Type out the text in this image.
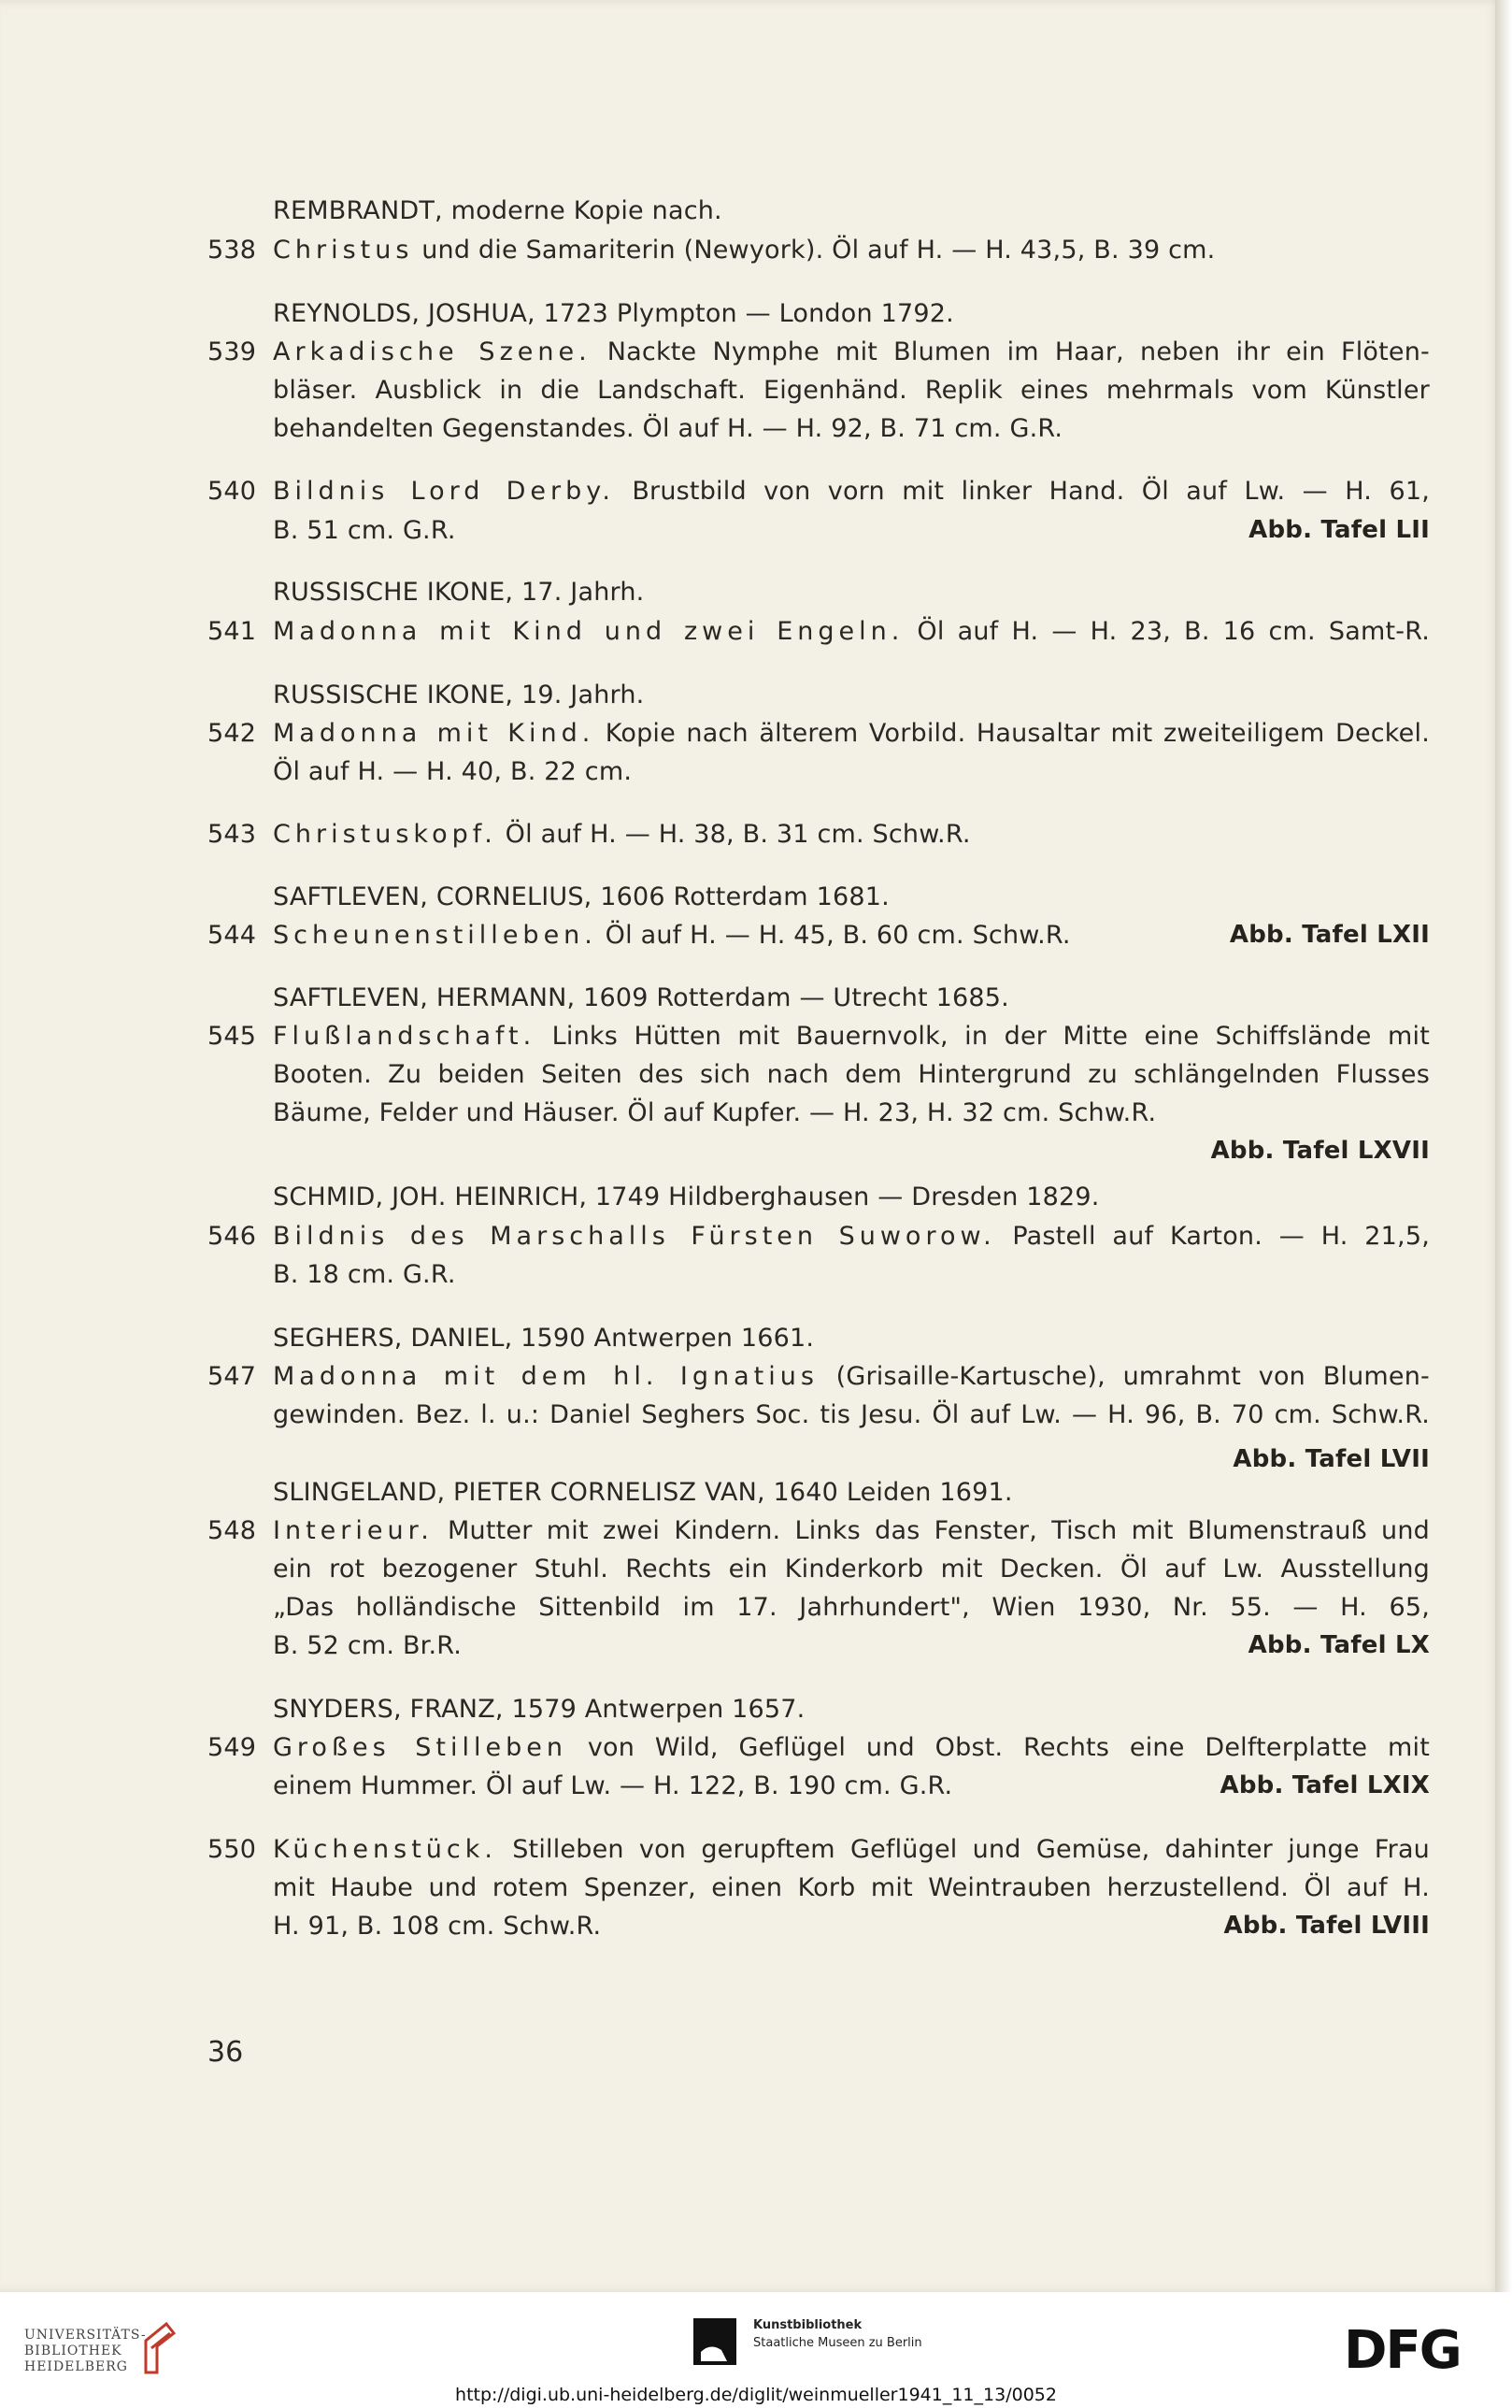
REMBRANDT, moderne Kopie nach.
538 Christus und die Samariterin (Newyork). Öl auf H. — H. 43,5, B. 39 cm.
REYNOLDS, JOSHUA, 1723 Plympton — London 1792.
539 Arkadische Szene. Nackte Nymphe mit Blumen im Haar, neben ihr ein Flöten-
bläser. Ausblick in die Landschaft. Eigenhänd. Replik eines mehrmals vom Künstler
behandelten Gegenstandes. Öl auf H. — H. 92, B. 71 cm. G.R.
540 Bildnis Lord Derby. Brustbild von vorn mit linker Hand. Öl auf Lw. — H. 61,
B. 51 cm. G.R.	Abb. Tafel LII
RUSSISCHE IKONE, 17. Jahrh.
541 Madonna mit Kind und zwei Engeln. Öl auf H. — H. 23, B. 16 cm. Samt-R.
RUSSISCHE IKONE, 19. Jahrh.
542 Madonna mit Kind. Kopie nach älterem Vorbild. Hausaltar mit zweiteiligem Deckel.
Öl auf H. — H. 40, B. 22 cm.
543 Christuskopf. Öl auf H. — H. 38, B. 31 cm. Schw.R.
SAFTLEVEN, CORNELIUS, 1606 Rotterdam 1681.
544 Scheunenstilleben. Öl auf H. — H. 45, B. 60 cm. Schw.R.	Abb. Tafel LXII
SAFTLEVEN, HERMANN, 1609 Rotterdam — Utrecht 1685.
545 Flußlandschaft. Links Hütten mit Bauernvolk, in der Mitte eine Schiffslände mit
Booten. Zu beiden Seiten des sich nach dem Hintergrund zu schlängelnden Flusses
Bäume, Felder und Häuser. Öl auf Kupfer. — H. 23, H. 32 cm. Schw.R.
Abb. Tafel LXVII
SCHMID, JOH. HEINRICH, 1749 Hildberghausen — Dresden 1829.
546 Bildnis des Marschalls Fürsten Suworow. Pastell auf Karton. — H. 21,5,
B. 18 cm. G.R.
SEGHERS, DANIEL, 1590 Antwerpen 1661.
547 Madonna mit dem hl. Ignatius (Grisaille-Kartusche), umrahmt von Blumen-
gewinden. Bez. l. u.: Daniel Seghers Soc. tis Jesu. Öl auf Lw. — H. 96, B. 70 cm. Schw.R.
Abb. Tafel LVII
SLINGELAND, PIETER CORNELISZ VAN, 1640 Leiden 1691.
548 Interieur. Mutter mit zwei Kindern. Links das Fenster, Tisch mit Blumenstrauß und
ein rot bezogener Stuhl. Rechts ein Kinderkorb mit Decken. Öl auf Lw. Ausstellung
„Das holländische Sittenbild im 17. Jahrhundert", Wien 1930, Nr. 55. — H. 65,
B. 52 cm. Br.R.	Abb. Tafel LX
SNYDERS, FRANZ, 1579 Antwerpen 1657.
549 Großes Stilleben von Wild, Geflügel und Obst. Rechts eine Delfterplatte mit
einem Hummer. Öl auf Lw. — H. 122, B. 190 cm. G.R.	Abb. Tafel LXIX
550 Küchenstück. Stilleben von gerupftem Geflügel und Gemüse, dahinter junge Frau
mit Haube und rotem Spenzer, einen Korb mit Weintrauben herzustellend. Öl auf H.
H. 91, B. 108 cm. Schw.R.	Abb. Tafel LVIII
36
UNIVERSITÄTS-
BIBLIOTHEK
HEIDELBERG
Kunstbibliothek
Staatliche Museen zu Berlin	DFG
http://digi.ub.uni-heidelberg.de/diglit/weinmueller1941_11_13/0052
